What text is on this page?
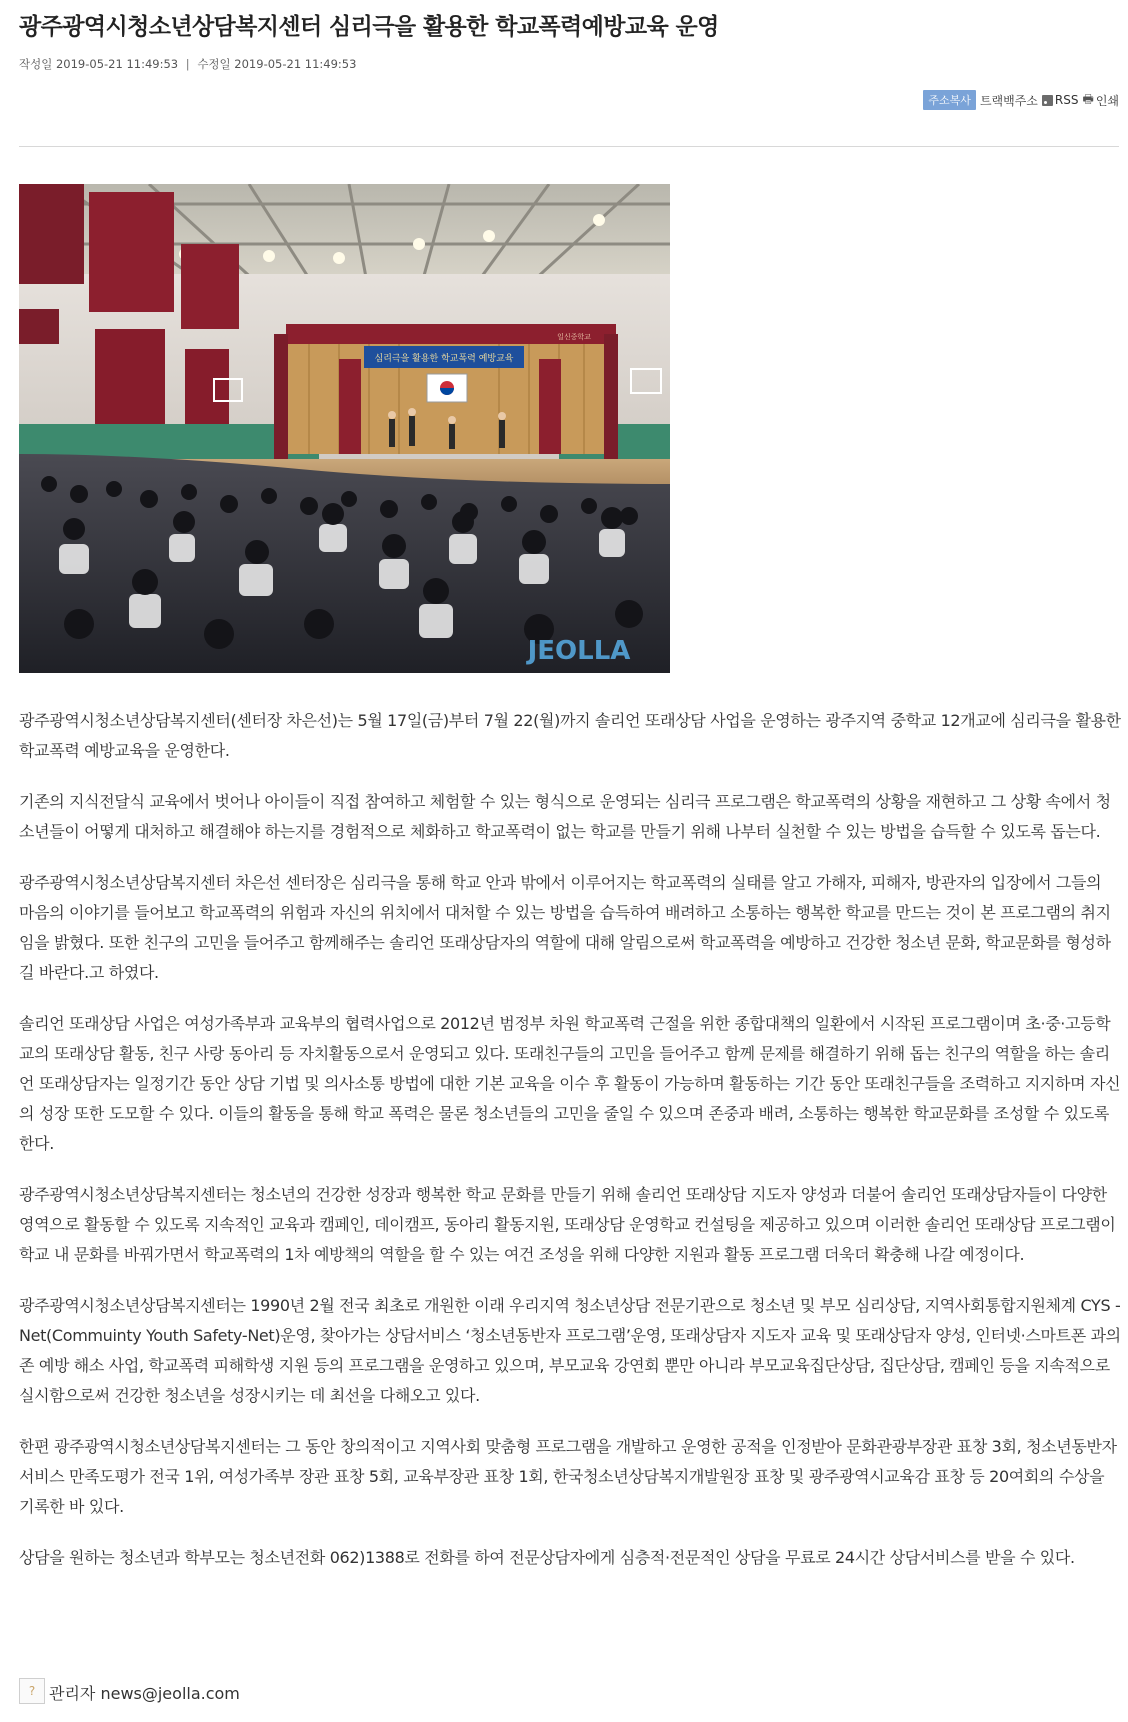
광주광역시청소년상담복지센터 심리극을 활용한 학교폭력예방교육 운영
작성일 2019-05-21 11:49:53 | 수정일 2019-05-21 11:49:53
주소복사 트랙백주소 RSS 🖶 인쇄
심리극을 활용한 학교폭력 예방교육
일신중학교
JEOLLA

광주광역시청소년상담복지센터(센터장 차은선)는 5월 17일(금)부터 7월 22(월)까지 솔리언 또래상담 사업을 운영하는 광주지역 중학교 12개교에 심리극을 활용한 학교폭력 예방교육을 운영한다.

기존의 지식전달식 교육에서 벗어나 아이들이 직접 참여하고 체험할 수 있는 형식으로 운영되는 심리극 프로그램은 학교폭력의 상황을 재현하고 그 상황 속에서 청소년들이 어떻게 대처하고 해결해야 하는지를 경험적으로 체화하고 학교폭력이 없는 학교를 만들기 위해 나부터 실천할 수 있는 방법을 습득할 수 있도록 돕는다.

광주광역시청소년상담복지센터 차은선 센터장은 심리극을 통해 학교 안과 밖에서 이루어지는 학교폭력의 실태를 알고 가해자, 피해자, 방관자의 입장에서 그들의 마음의 이야기를 들어보고 학교폭력의 위험과 자신의 위치에서 대처할 수 있는 방법을 습득하여 배려하고 소통하는 행복한 학교를 만드는 것이 본 프로그램의 취지임을 밝혔다. 또한 친구의 고민을 들어주고 함께해주는 솔리언 또래상담자의 역할에 대해 알림으로써 학교폭력을 예방하고 건강한 청소년 문화, 학교문화를 형성하길 바란다.고 하였다.

솔리언 또래상담 사업은 여성가족부과 교육부의 협력사업으로 2012년 범정부 차원 학교폭력 근절을 위한 종합대책의 일환에서 시작된 프로그램이며 초·중·고등학교의 또래상담 활동, 친구 사랑 동아리 등 자치활동으로서 운영되고 있다. 또래친구들의 고민을 들어주고 함께 문제를 해결하기 위해 돕는 친구의 역할을 하는 솔리언 또래상담자는 일정기간 동안 상담 기법 및 의사소통 방법에 대한 기본 교육을 이수 후 활동이 가능하며 활동하는 기간 동안 또래친구들을 조력하고 지지하며 자신의 성장 또한 도모할 수 있다. 이들의 활동을 통해 학교 폭력은 물론 청소년들의 고민을 줄일 수 있으며 존중과 배려, 소통하는 행복한 학교문화를 조성할 수 있도록 한다.

광주광역시청소년상담복지센터는 청소년의 건강한 성장과 행복한 학교 문화를 만들기 위해 솔리언 또래상담 지도자 양성과 더불어 솔리언 또래상담자들이 다양한 영역으로 활동할 수 있도록 지속적인 교육과 캠페인, 데이캠프, 동아리 활동지원, 또래상담 운영학교 컨설팅을 제공하고 있으며 이러한 솔리언 또래상담 프로그램이 학교 내 문화를 바꿔가면서 학교폭력의 1차 예방책의 역할을 할 수 있는 여건 조성을 위해 다양한 지원과 활동 프로그램 더욱더 확충해 나갈 예정이다.

광주광역시청소년상담복지센터는 1990년 2월 전국 최초로 개원한 이래 우리지역 청소년상담 전문기관으로 청소년 및 부모 심리상담, 지역사회통합지원체계 CYS -Net(Commuinty Youth Safety-Net)운영, 찾아가는 상담서비스 ‘청소년동반자 프로그램’운영, 또래상담자 지도자 교육 및 또래상담자 양성, 인터넷·스마트폰 과의존 예방 해소 사업, 학교폭력 피해학생 지원 등의 프로그램을 운영하고 있으며, 부모교육 강연회 뿐만 아니라 부모교육집단상담, 집단상담, 캠페인 등을 지속적으로 실시함으로써 건강한 청소년을 성장시키는 데 최선을 다해오고 있다.

한편 광주광역시청소년상담복지센터는 그 동안 창의적이고 지역사회 맞춤형 프로그램을 개발하고 운영한 공적을 인정받아 문화관광부장관 표창 3회, 청소년동반자서비스 만족도평가 전국 1위, 여성가족부 장관 표창 5회, 교육부장관 표창 1회, 한국청소년상담복지개발원장 표창 및 광주광역시교육감 표창 등 20여회의 수상을 기록한 바 있다.

상담을 원하는 청소년과 학부모는 청소년전화 062)1388로 전화를 하여 전문상담자에게 심층적·전문적인 상담을 무료로 24시간 상담서비스를 받을 수 있다.

? 관리자 news@jeolla.com
